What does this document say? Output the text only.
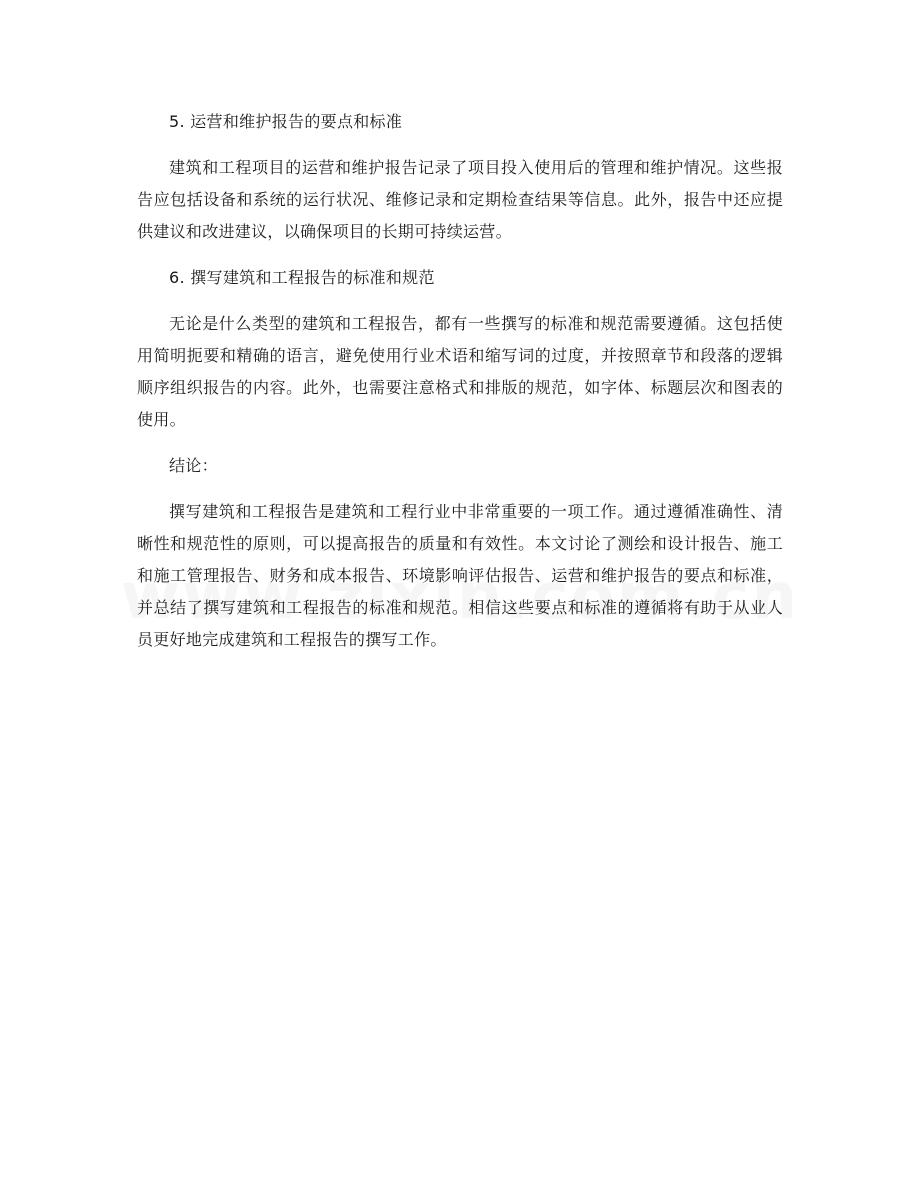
5. 运营和维护报告的要点和标准

建筑和工程项目的运营和维护报告记录了项目投入使用后的管理和维护情况。这些报告应包括设备和系统的运行状况、维修记录和定期检查结果等信息。此外，报告中还应提供建议和改进建议，以确保项目的长期可持续运营。

6. 撰写建筑和工程报告的标准和规范

无论是什么类型的建筑和工程报告，都有一些撰写的标准和规范需要遵循。这包括使用简明扼要和精确的语言，避免使用行业术语和缩写词的过度，并按照章节和段落的逻辑顺序组织报告的内容。此外，也需要注意格式和排版的规范，如字体、标题层次和图表的使用。

结论：

撰写建筑和工程报告是建筑和工程行业中非常重要的一项工作。通过遵循准确性、清晰性和规范性的原则，可以提高报告的质量和有效性。本文讨论了测绘和设计报告、施工和施工管理报告、财务和成本报告、环境影响评估报告、运营和维护报告的要点和标准，并总结了撰写建筑和工程报告的标准和规范。相信这些要点和标准的遵循将有助于从业人员更好地完成建筑和工程报告的撰写工作。
